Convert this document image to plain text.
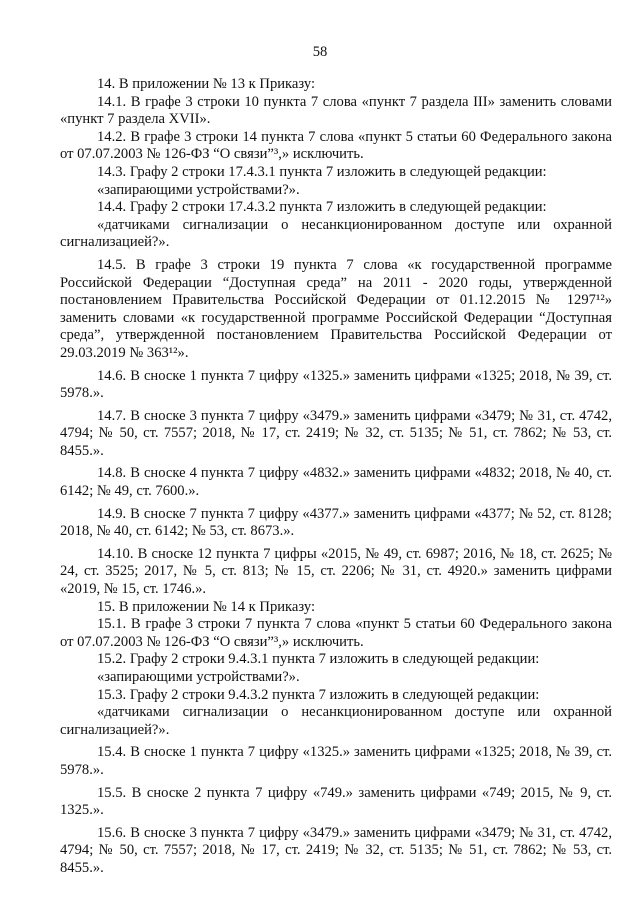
58

14. В приложении № 13 к Приказу:

14.1. В графе 3 строки 10 пункта 7 слова «пункт 7 раздела III» заменить словами «пункт 7 раздела XVII».

14.2. В графе 3 строки 14 пункта 7 слова «пункт 5 статьи 60 Федерального закона от 07.07.2003 № 126-ФЗ “О связи”³,» исключить.

14.3. Графу 2 строки 17.4.3.1 пункта 7 изложить в следующей редакции:

«запирающими устройствами?».

14.4. Графу 2 строки 17.4.3.2 пункта 7 изложить в следующей редакции:

«датчиками сигнализации о несанкционированном доступе или охранной сигнализацией?».

14.5. В графе 3 строки 19 пункта 7 слова «к государственной программе Российской Федерации “Доступная среда” на 2011 - 2020 годы, утвержденной постановлением Правительства Российской Федерации от 01.12.2015 № 1297¹²» заменить словами «к государственной программе Российской Федерации “Доступная среда”, утвержденной постановлением Правительства Российской Федерации от 29.03.2019 № 363¹²».

14.6. В сноске 1 пункта 7 цифру «1325.» заменить цифрами «1325; 2018, № 39, ст. 5978.».

14.7. В сноске 3 пункта 7 цифру «3479.» заменить цифрами «3479; № 31, ст. 4742, 4794; № 50, ст. 7557; 2018, № 17, ст. 2419; № 32, ст. 5135; № 51, ст. 7862; № 53, ст. 8455.».

14.8. В сноске 4 пункта 7 цифру «4832.» заменить цифрами «4832; 2018, № 40, ст. 6142; № 49, ст. 7600.».

14.9. В сноске 7 пункта 7 цифру «4377.» заменить цифрами «4377; № 52, ст. 8128; 2018, № 40, ст. 6142; № 53, ст. 8673.».

14.10. В сноске 12 пункта 7 цифры «2015, № 49, ст. 6987; 2016, № 18, ст. 2625; № 24, ст. 3525; 2017, № 5, ст. 813; № 15, ст. 2206; № 31, ст. 4920.» заменить цифрами «2019, № 15, ст. 1746.».

15. В приложении № 14 к Приказу:

15.1. В графе 3 строки 7 пункта 7 слова «пункт 5 статьи 60 Федерального закона от 07.07.2003 № 126-ФЗ “О связи”³,» исключить.

15.2. Графу 2 строки 9.4.3.1 пункта 7 изложить в следующей редакции:

«запирающими устройствами?».

15.3. Графу 2 строки 9.4.3.2 пункта 7 изложить в следующей редакции:

«датчиками сигнализации о несанкционированном доступе или охранной сигнализацией?».

15.4. В сноске 1 пункта 7 цифру «1325.» заменить цифрами «1325; 2018, № 39, ст. 5978.».

15.5. В сноске 2 пункта 7 цифру «749.» заменить цифрами «749; 2015, № 9, ст. 1325.».

15.6. В сноске 3 пункта 7 цифру «3479.» заменить цифрами «3479; № 31, ст. 4742, 4794; № 50, ст. 7557; 2018, № 17, ст. 2419; № 32, ст. 5135; № 51, ст. 7862; № 53, ст. 8455.».
